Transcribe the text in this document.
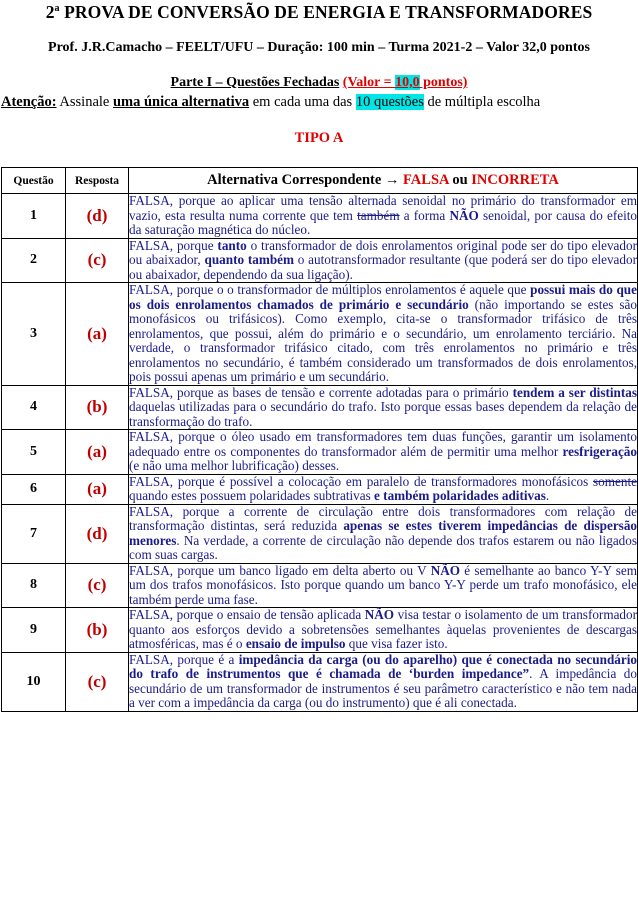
2$^a$ PROVA DE CONVERSÃO DE ENERGIA E TRANSFORMADORES
Prof. J.R.Camacho – FEELT/UFU – Duração: 100 min – Turma 2021-2 – Valor 32,0 pontos
Parte I – Questões Fechadas (Valor = 10,0 pontos)
Atenção: Assinale uma única alternativa em cada uma das 10 questões de múltipla escolha
TIPO A
Questão	Resposta	Alternativa Correspondente → FALSA ou INCORRETA
1	(d)	FALSA, porque ao aplicar uma tensão alternada senoidal no primário do transformador em vazio, esta resulta numa corrente que tem também a forma NÃO senoidal, por causa do efeito da saturação magnética do núcleo.
2	(c)	FALSA, porque tanto o transformador de dois enrolamentos original pode ser do tipo elevador ou abaixador, quanto também o autotransformador resultante (que poderá ser do tipo elevador ou abaixador, dependendo da sua ligação).
3	(a)	FALSA, porque o o transformador de múltiplos enrolamentos é aquele que possui mais do que os dois enrolamentos chamados de primário e secundário (não importando se estes são monofásicos ou trifásicos). Como exemplo, cita-se o transformador trifásico de três enrolamentos, que possui, além do primário e o secundário, um enrolamento terciário. Na verdade, o transformador trifásico citado, com três enrolamentos no primário e três enrolamentos no secundário, é também considerado um transformados de dois enrolamentos, pois possui apenas um primário e um secundário.
4	(b)	FALSA, porque as bases de tensão e corrente adotadas para o primário tendem a ser distintas daquelas utilizadas para o secundário do trafo. Isto porque essas bases dependem da relação de transformação do trafo.
5	(a)	FALSA, porque o óleo usado em transformadores tem duas funções, garantir um isolamento adequado entre os componentes do transformador além de permitir uma melhor resfrigeração (e não uma melhor lubrificação) desses.
6	(a)	FALSA, porque é possível a colocação em paralelo de transformadores monofásicos somente quando estes possuem polaridades subtrativas e também polaridades aditivas.
7	(d)	FALSA, porque a corrente de circulação entre dois transformadores com relação de transformação distintas, será reduzida apenas se estes tiverem impedâncias de dispersão menores. Na verdade, a corrente de circulação não depende dos trafos estarem ou não ligados com suas cargas.
8	(c)	FALSA, porque um banco ligado em delta aberto ou V NÃO é semelhante ao banco Y-Y sem um dos trafos monofásicos. Isto porque quando um banco Y-Y perde um trafo monofásico, ele também perde uma fase.
9	(b)	FALSA, porque o ensaio de tensão aplicada NÃO visa testar o isolamento de um transformador quanto aos esforços devido a sobretensões semelhantes àquelas provenientes de descargas atmosféricas, mas é o ensaio de impulso que visa fazer isto.
10	(c)	FALSA, porque é a impedância da carga (ou do aparelho) que é conectada no secundário do trafo de instrumentos que é chamada de ‘burden impedance”. A impedância do secundário de um transformador de instrumentos é seu parâmetro característico e não tem nada a ver com a impedância da carga (ou do instrumento) que é ali conectada.
